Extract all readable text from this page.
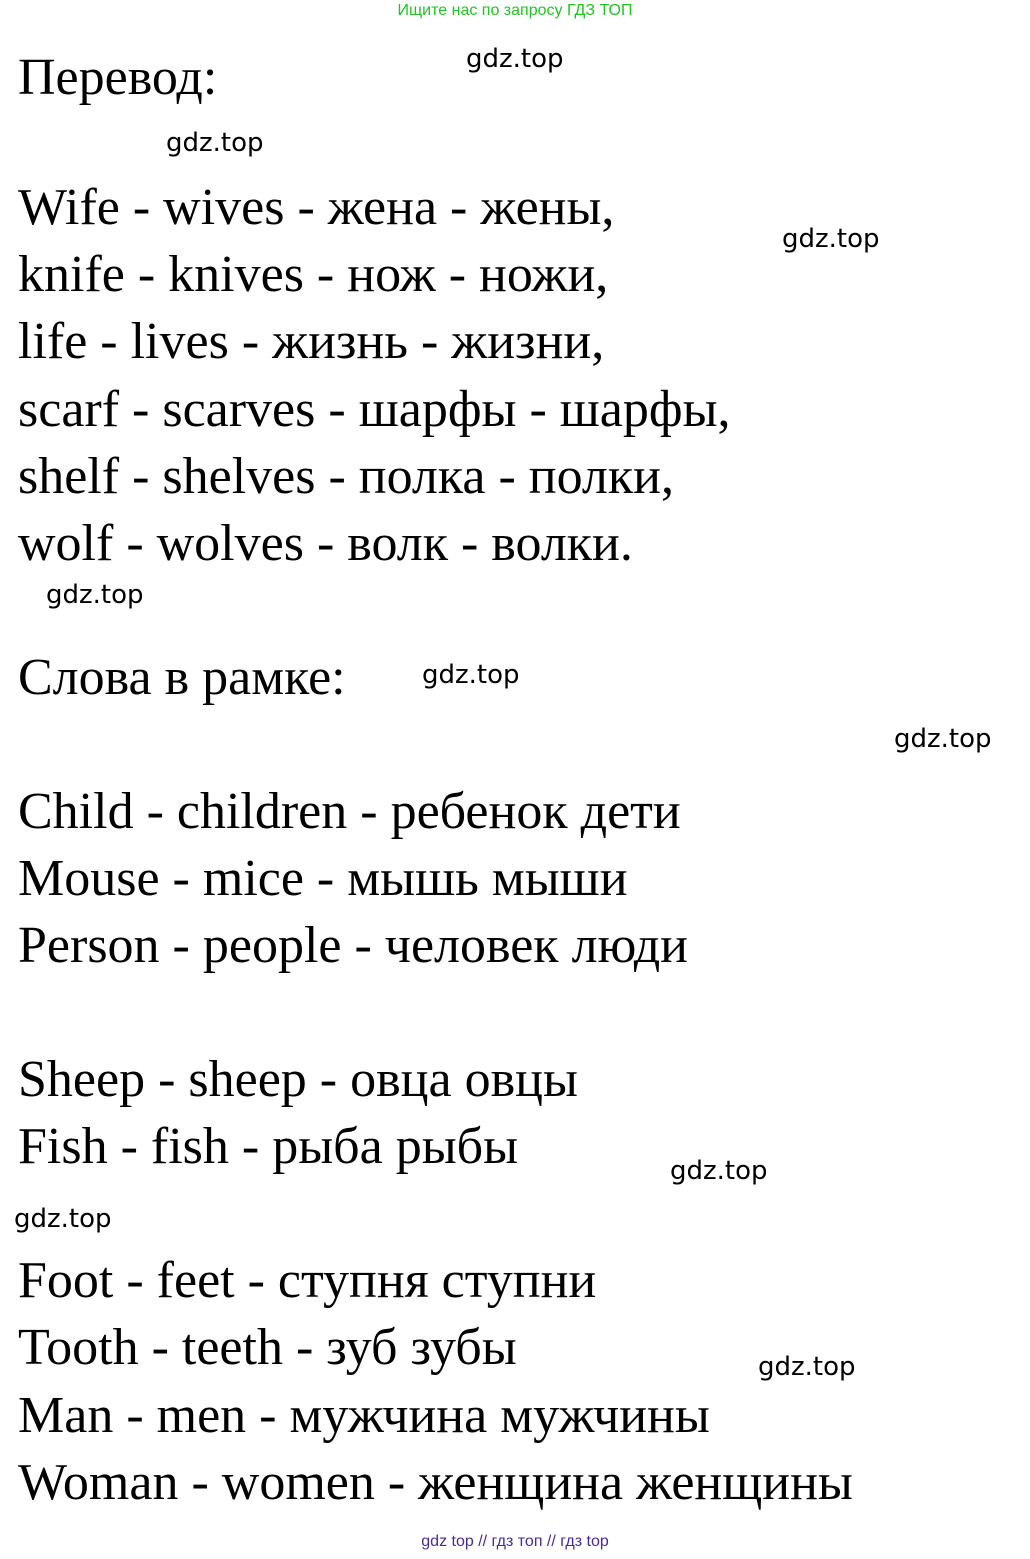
Ищите нас по запросу ГДЗ ТОП
gdz.top
gdz.top
gdz.top
gdz.top
gdz.top
gdz.top
gdz.top
gdz.top
gdz.top
Перевод:
Wife - wives - жена - жены,
knife - knives - нож - ножи,
life - lives - жизнь - жизни,
scarf - scarves - шарфы - шарфы,
shelf - shelves - полка - полки,
wolf - wolves - волк - волки.
Слова в рамке:
Child - children - ребенок дети
Mouse - mice - мышь мыши
Person - people - человек люди
Sheep - sheep - овца овцы
Fish - fish - рыба рыбы
Foot - feet - ступня ступни
Tooth - teeth - зуб зубы
Man - men - мужчина мужчины
Woman - women - женщина женщины
gdz top // гдз топ // гдз top
